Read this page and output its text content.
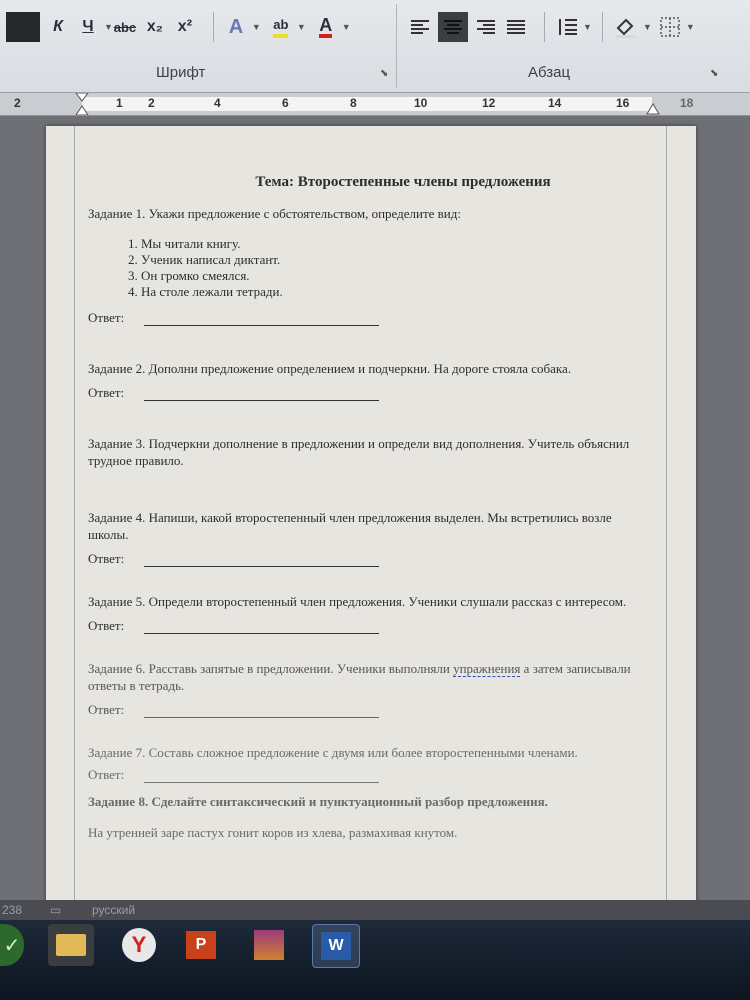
К	Ч ▼ abc x₂ x² A ▼ ab ▼ A ▼	▼	▼	▼
Шрифт	⬊	Абзац	⬊
2	1 2	4	6	8	10	12	14	16	18
Тема: Второстепенные члены предложения
Задание 1. Укажи предложение с обстоятельством, определите вид:
1. Мы читали книгу.
2. Ученик написал диктант.
3. Он громко смеялся.
4. На столе лежали тетради.
Ответ:
Задание 2. Дополни предложение определением и подчеркни. На дороге стояла собака.
Ответ:
Задание 3. Подчеркни дополнение в предложении и определи вид дополнения. Учитель объяснил трудное правило.
Задание 4. Напиши, какой второстепенный член предложения выделен. Мы встретились возле школы.
Ответ:
Задание 5. Определи второстепенный член предложения. Ученики слушали рассказ с интересом.
Ответ:
Задание 6. Расставь запятые в предложении. Ученики выполняли упражнения а затем записывали ответы в тетрадь.
Ответ:
Задание 7. Составь сложное предложение с двумя или более второстепенными членами.
Ответ:
Задание 8. Сделайте синтаксический и пунктуационный разбор предложения.
На утренней заре пастух гонит коров из хлева, размахивая кнутом.
238 ▭	русский
✓	Y	P	W
